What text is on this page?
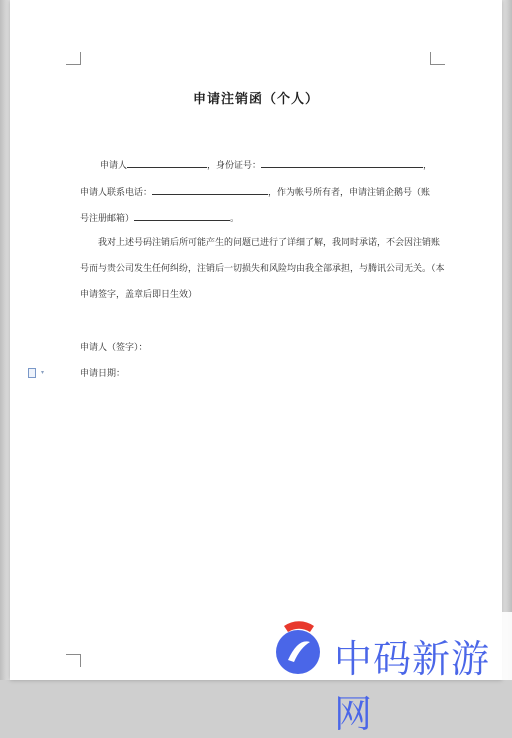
申请注销函（个人）
申请人	，身份证号：	，
申请人联系电话：	，作为帐号所有者，申请注销企鹅号（账
号注册邮箱）	。
我对上述号码注销后所可能产生的问题已进行了详细了解，我同时承诺，不会因注销账
号而与贵公司发生任何纠纷，注销后一切损失和风险均由我全部承担，与腾讯公司无关。（本
申请签字，盖章后即日生效）
申请人（签字）：
申请日期：
▾
中码新游网
